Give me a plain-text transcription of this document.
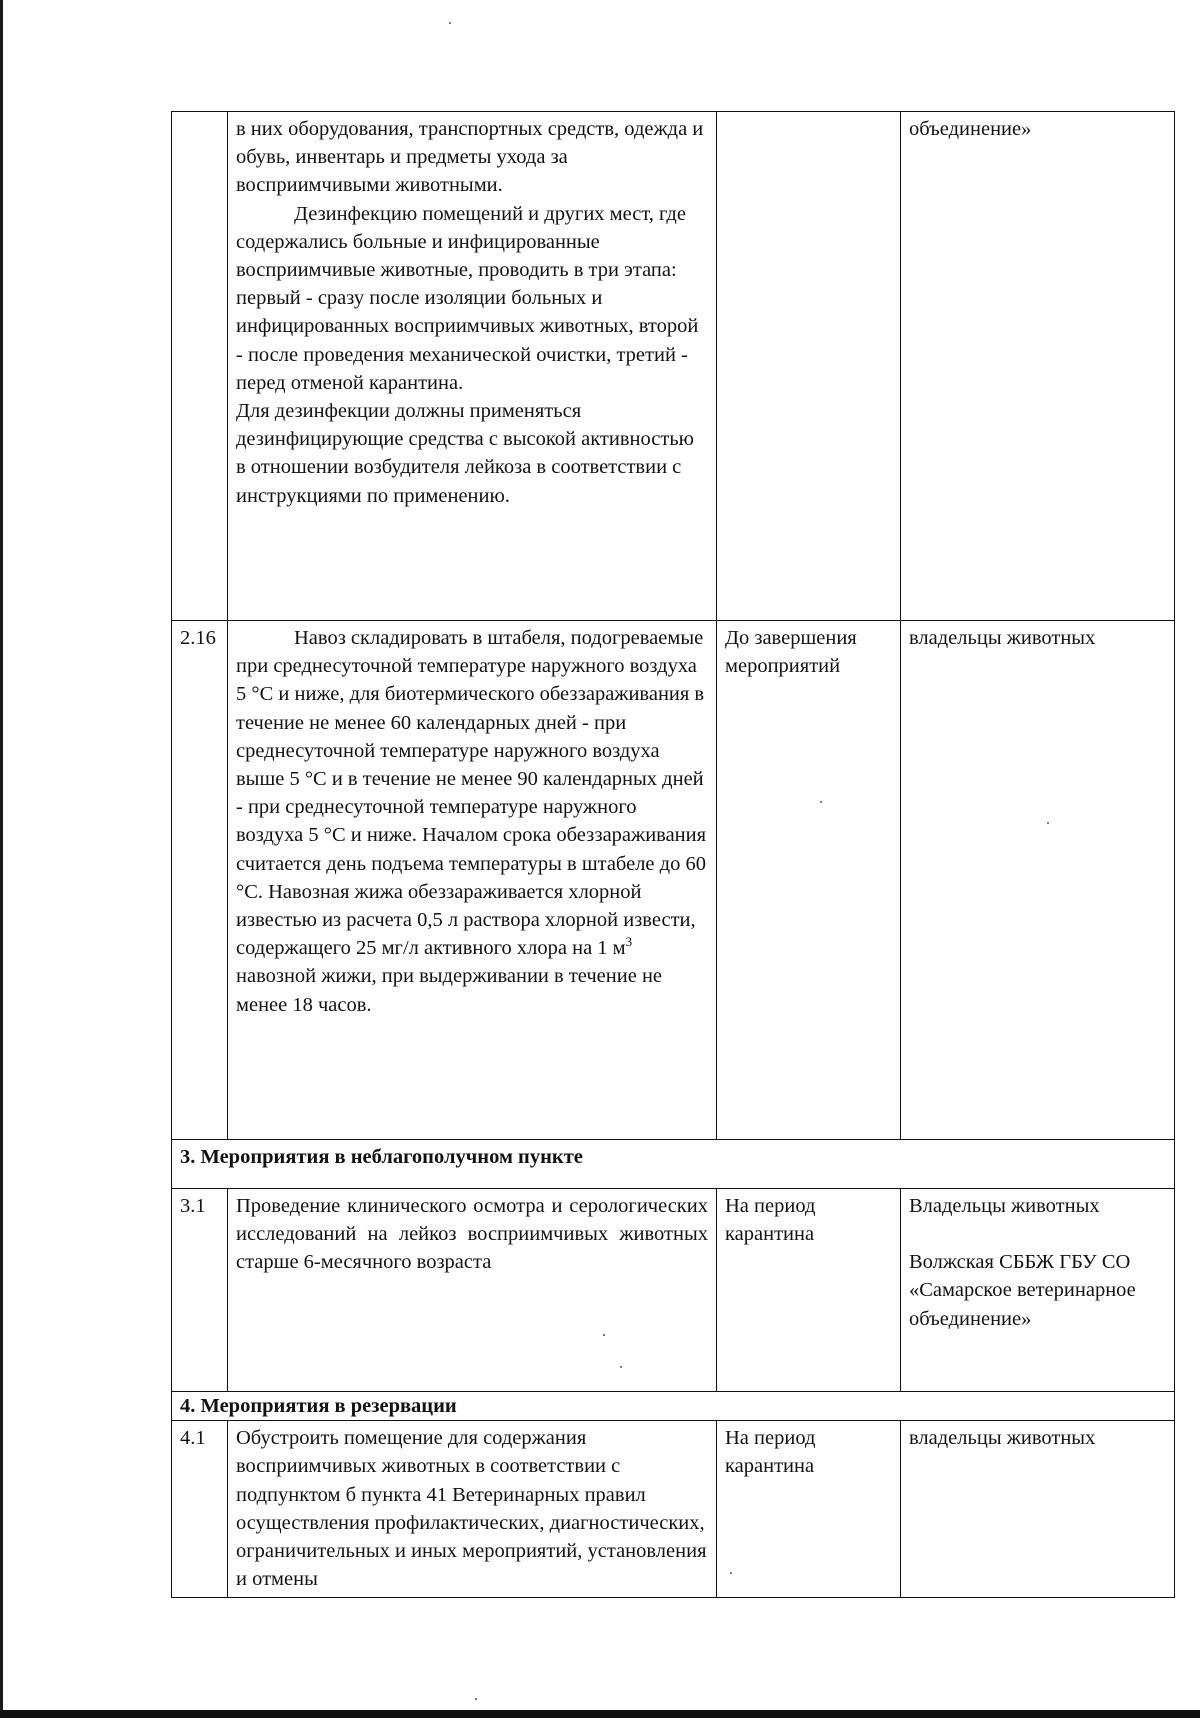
	в них оборудования, транспортных средств, одежда и обувь, инвентарь и предметы ухода за восприимчивыми животными.

Дезинфекцию помещений и других мест, где содержались больные и инфицированные восприимчивые животные, проводить в три этапа: первый - сразу после изоляции больных и инфицированных восприимчивых животных, второй - после проведения механической очистки, третий - перед отменой карантина.

Для дезинфекции должны применяться дезинфицирующие средства с высокой активностью в отношении возбудителя лейкоза в соответствии с инструкциями по применению.		объединение»
2.16	Навоз складировать в штабеля, подогреваемые при среднесуточной температуре наружного воздуха 5 °С и ниже, для биотермического обеззараживания в течение не менее 60 календарных дней - при среднесуточной температуре наружного воздуха выше 5 °С и в течение не менее 90 календарных дней - при среднесуточной температуре наружного воздуха 5 °С и ниже. Началом срока обеззараживания считается день подъема температуры в штабеле до 60 °С. Навозная жижа обеззараживается хлорной известью из расчета 0,5 л раствора хлорной извести, содержащего 25 мг/л активного хлора на 1 $м^3$ навозной жижи, при выдерживании в течение не менее 18 часов.	До завершения мероприятий	владельцы животных
3. Мероприятия в неблагополучном пункте			
3.1	Проведение клинического осмотра и серологических исследований на лейкоз восприимчивых животных старше 6-месячного возраста	На период карантина	Владельцы животных
Волжская СББЖ ГБУ СО «Самарское ветеринарное объединение»

4. Мероприятия в резервации			
4.1	Обустроить помещение для содержания восприимчивых животных в соответствии с подпунктом б пункта 41 Ветеринарных правил осуществления профилактических, диагностических, ограничительных и иных мероприятий, установления и отмены	На период карантина	владельцы животных
